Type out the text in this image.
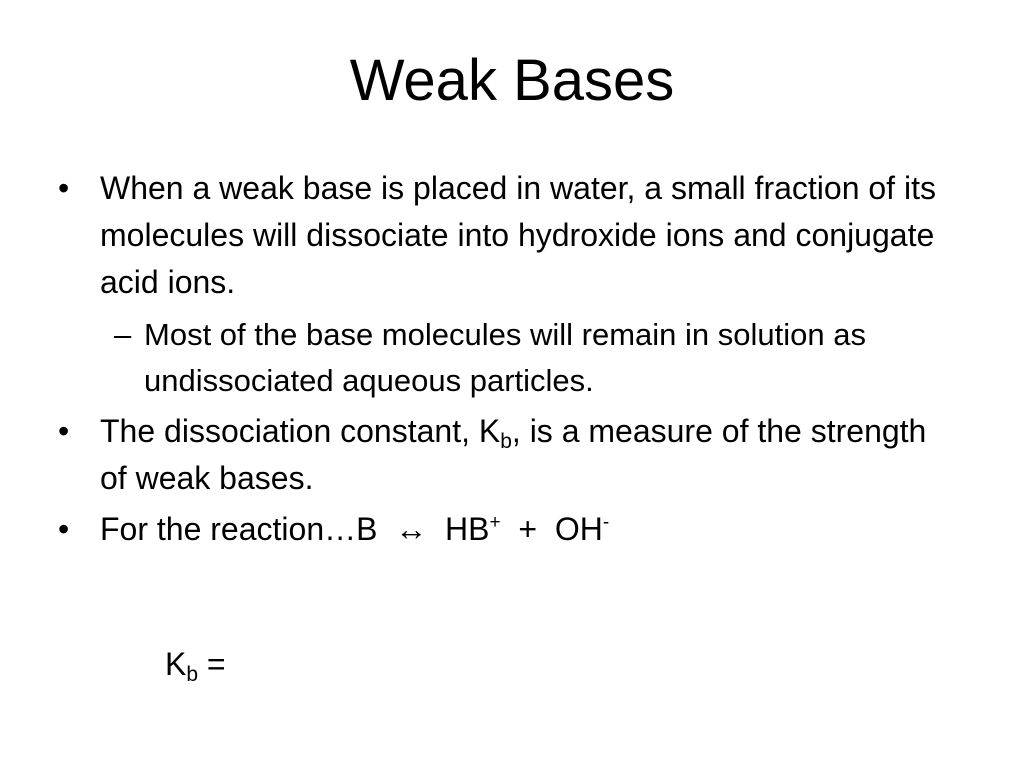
Weak Bases
• When a weak base is placed in water, a small fraction of its molecules will dissociate into hydroxide ions and conjugate acid ions.
– Most of the base molecules will remain in solution as undissociated aqueous particles.
• The dissociation constant, $K_b$, is a measure of the strength of weak bases.
• For the reaction…B  ↔  HB+  +  OH-
$K_b$ =
